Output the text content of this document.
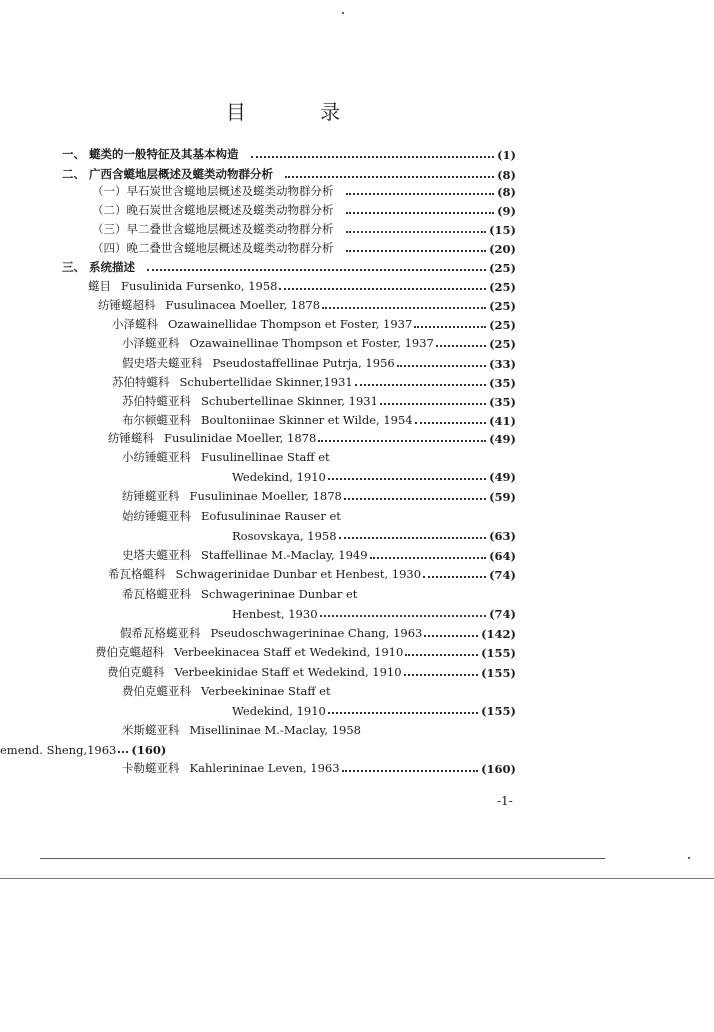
目 录
一、 䗴类的一般特征及其基本构造	(1)
二、 广西含䗴地层概述及䗴类动物群分析	(8)
（一）早石炭世含䗴地层概述及䗴类动物群分析	(8)
（二）晚石炭世含䗴地层概述及䗴类动物群分析	(9)
（三）早二叠世含䗴地层概述及䗴类动物群分析	(15)
（四）晚二叠世含䗴地层概述及䗴类动物群分析	(20)
三、 系统描述	(25)
䗴目 Fusulinida Fursenko, 1958	(25)
纺锤䗴超科 Fusulinacea Moeller, 1878	(25)
小泽䗴科 Ozawainellidae Thompson et Foster, 1937	(25)
小泽䗴亚科 Ozawainellinae Thompson et Foster, 1937	(25)
假史塔夫䗴亚科 Pseudostaffellinae Putrja, 1956	(33)
苏伯特䗴科 Schubertellidae Skinner,1931	(35)
苏伯特䗴亚科 Schubertellinae Skinner, 1931	(35)
布尔顿䗴亚科 Boultoniinae Skinner et Wilde, 1954	(41)
纺锤䗴科 Fusulinidae Moeller, 1878	(49)
小纺锤䗴亚科 Fusulinellinae Staff et
Wedekind, 1910	(49)
纺锤䗴亚科 Fusulininae Moeller, 1878	(59)
始纺锤䗴亚科 Eofusulininae Rauser et
Rosovskaya, 1958	(63)
史塔夫䗴亚科 Staffellinae M.-Maclay, 1949	(64)
希瓦格䗴科 Schwagerinidae Dunbar et Henbest, 1930	(74)
希瓦格䗴亚科 Schwagerininae Dunbar et
Henbest, 1930	(74)
假希瓦格䗴亚科 Pseudoschwagerininae Chang, 1963	(142)
费伯克䗴超科 Verbeekinacea Staff et Wedekind, 1910	(155)
费伯克䗴科 Verbeekinidae Staff et Wedekind, 1910	(155)
费伯克䗴亚科 Verbeekininae Staff et
Wedekind, 1910	(155)
米斯䗴亚科 Misellininae M.-Maclay, 1958
emend. Sheng,1963 (160)
卡勒䗴亚科 Kahlerininae Leven, 1963	(160)
-1-
